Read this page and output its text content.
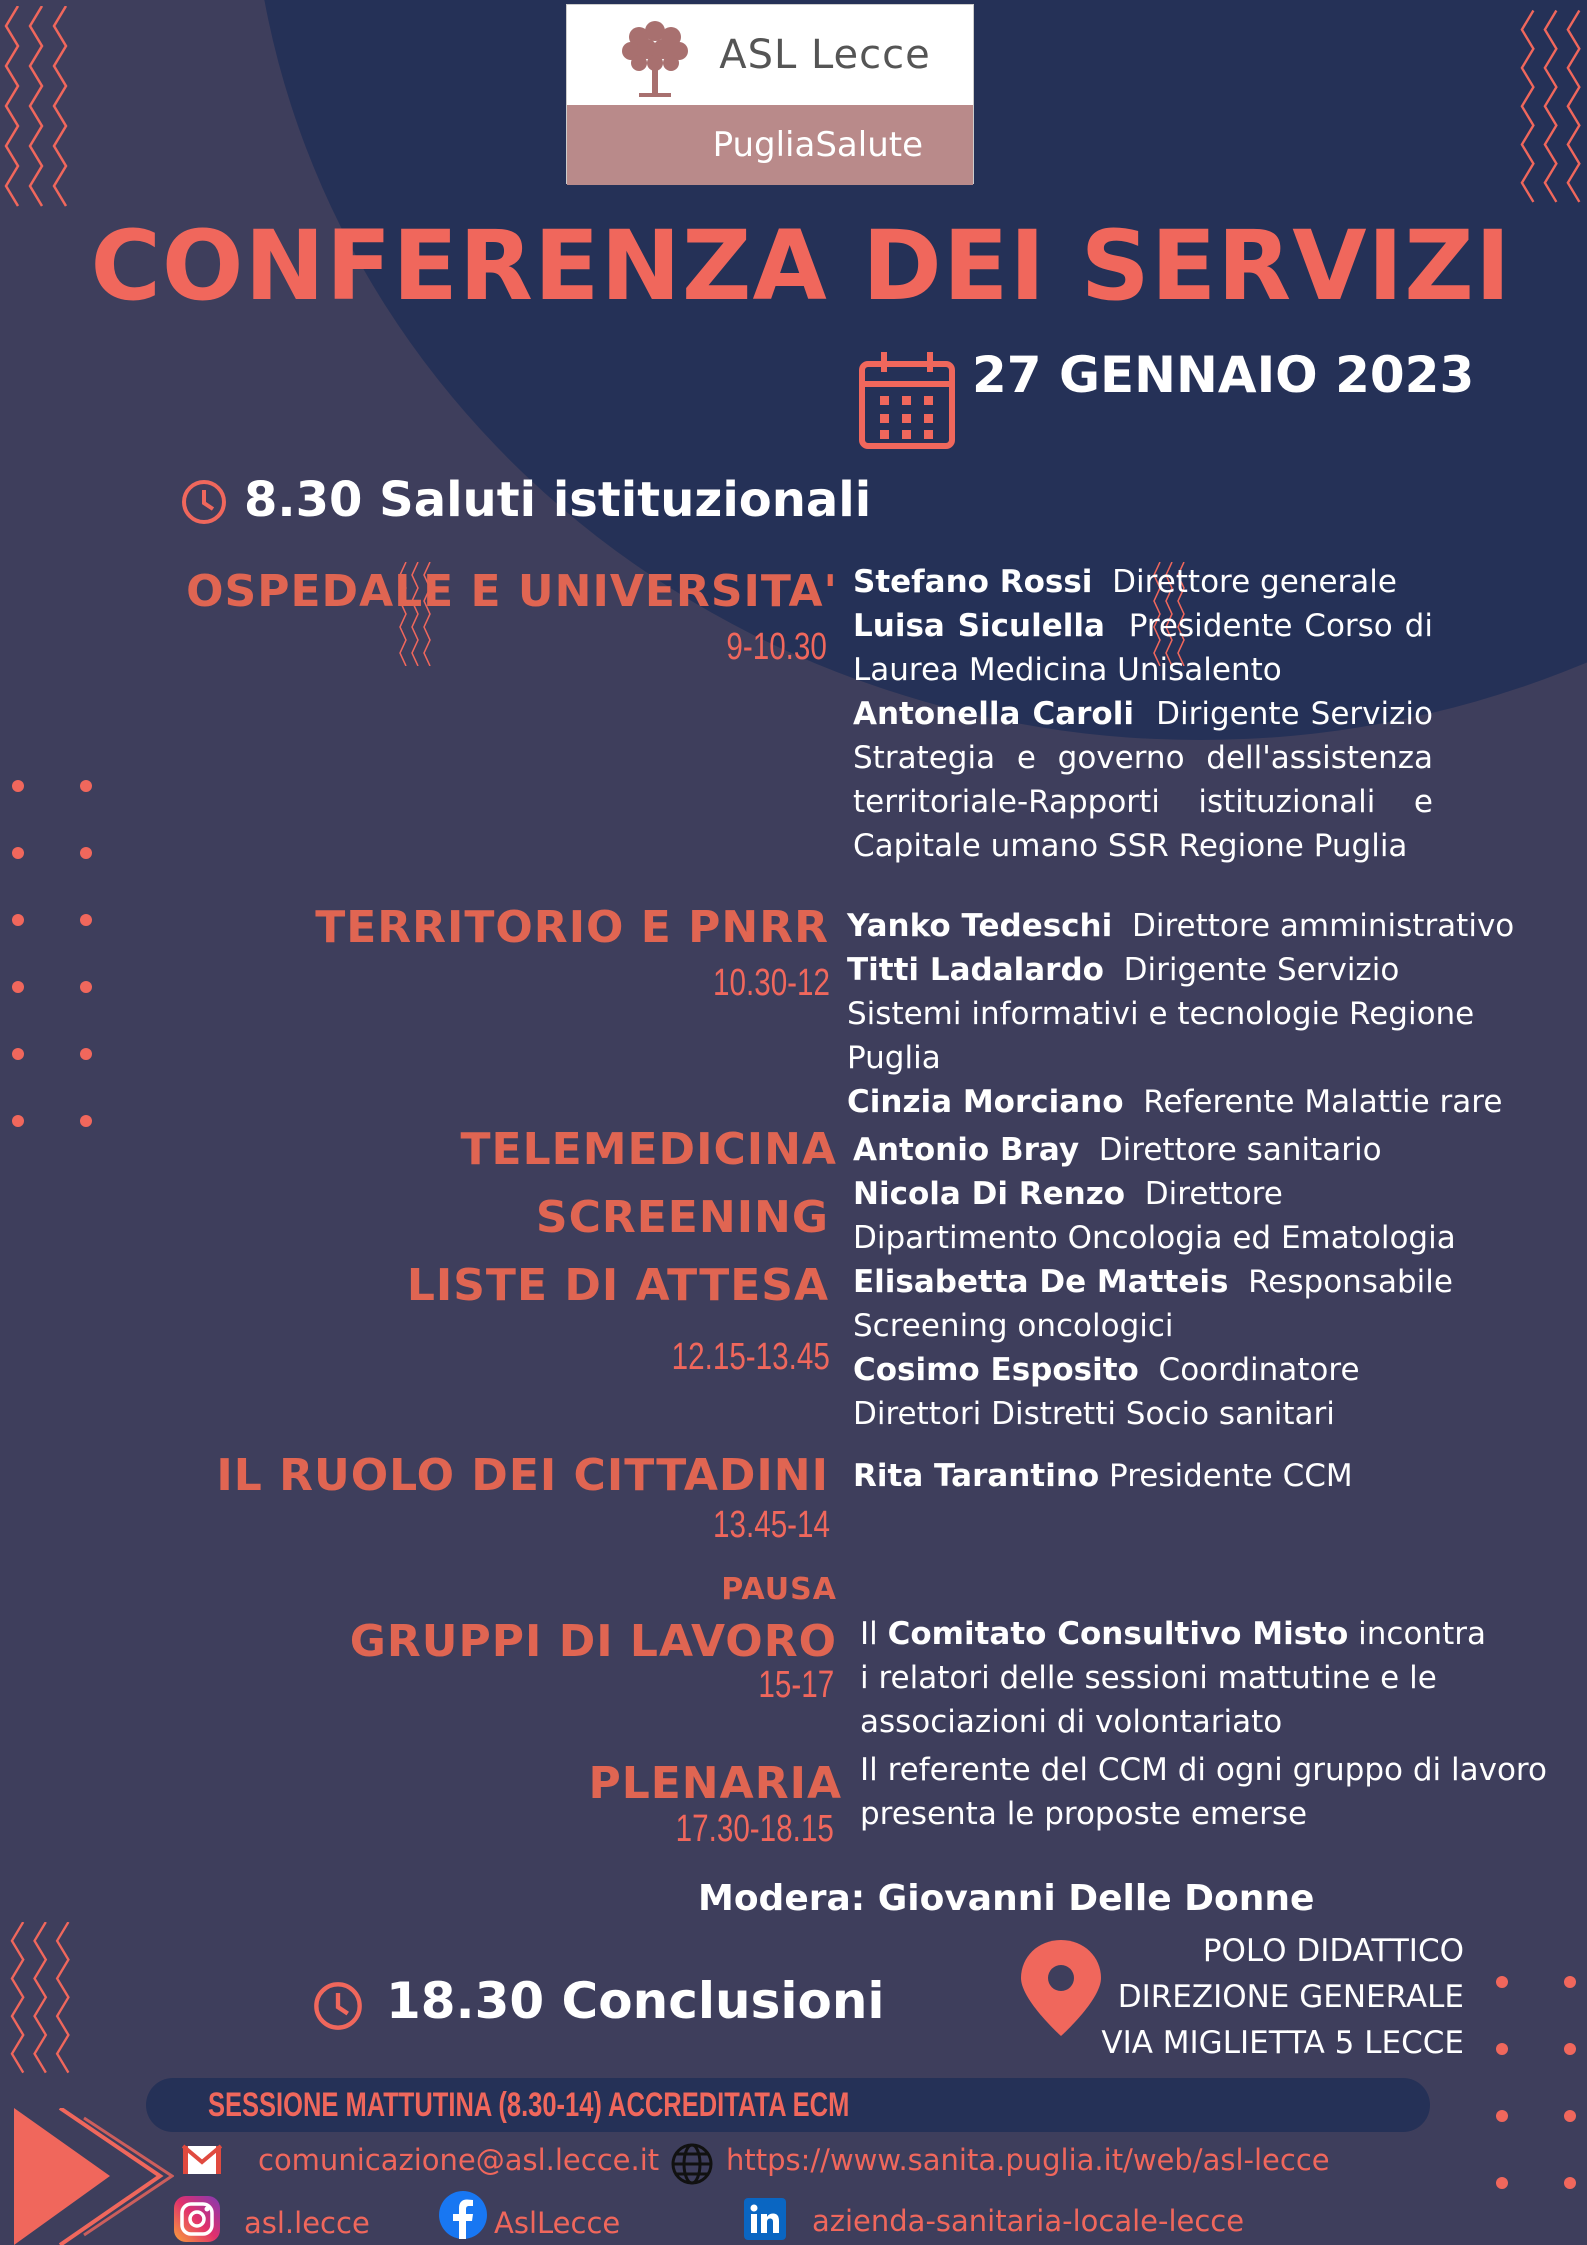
ASL Lecce
PugliaSalute
CONFERENZA DEI SERVIZI
27 GENNAIO 2023
8.30 Saluti istituzionali
OSPEDALE E UNIVERSITA'
9-10.30
Stefano Rossi Direttore generale
Luisa Siculella Presidente Corso di Laurea Medicina Unisalento
Antonella Caroli Dirigente Servizio Strategia e governo dell'assistenza territoriale-Rapporti istituzionali e Capitale umano SSR Regione Puglia
TERRITORIO E PNRR
10.30-12
Yanko Tedeschi Direttore amministrativo
Titti Ladalardo Dirigente Servizio Sistemi informativi e tecnologie Regione Puglia
Cinzia Morciano Referente Malattie rare
TELEMEDICINA
SCREENING
LISTE DI ATTESA
12.15-13.45
Antonio Bray Direttore sanitario
Nicola Di Renzo Direttore Dipartimento Oncologia ed Ematologia
Elisabetta De Matteis Responsabile Screening oncologici
Cosimo Esposito Coordinatore Direttori Distretti Socio sanitari
IL RUOLO DEI CITTADINI
13.45-14
Rita Tarantino Presidente CCM
PAUSA
GRUPPI DI LAVORO
15-17
Il Comitato Consultivo Misto incontra i relatori delle sessioni mattutine e le associazioni di volontariato
PLENARIA
17.30-18.15
Il referente del CCM di ogni gruppo di lavoro presenta le proposte emerse
Modera: Giovanni Delle Donne
18.30 Conclusioni
POLO DIDATTICO
DIREZIONE GENERALE
VIA MIGLIETTA 5 LECCE
SESSIONE MATTUTINA (8.30-14) ACCREDITATA ECM
comunicazione@asl.lecce.it https://www.sanita.puglia.it/web/asl-lecce
asl.lecce	AslLecce	azienda-sanitaria-locale-lecce
